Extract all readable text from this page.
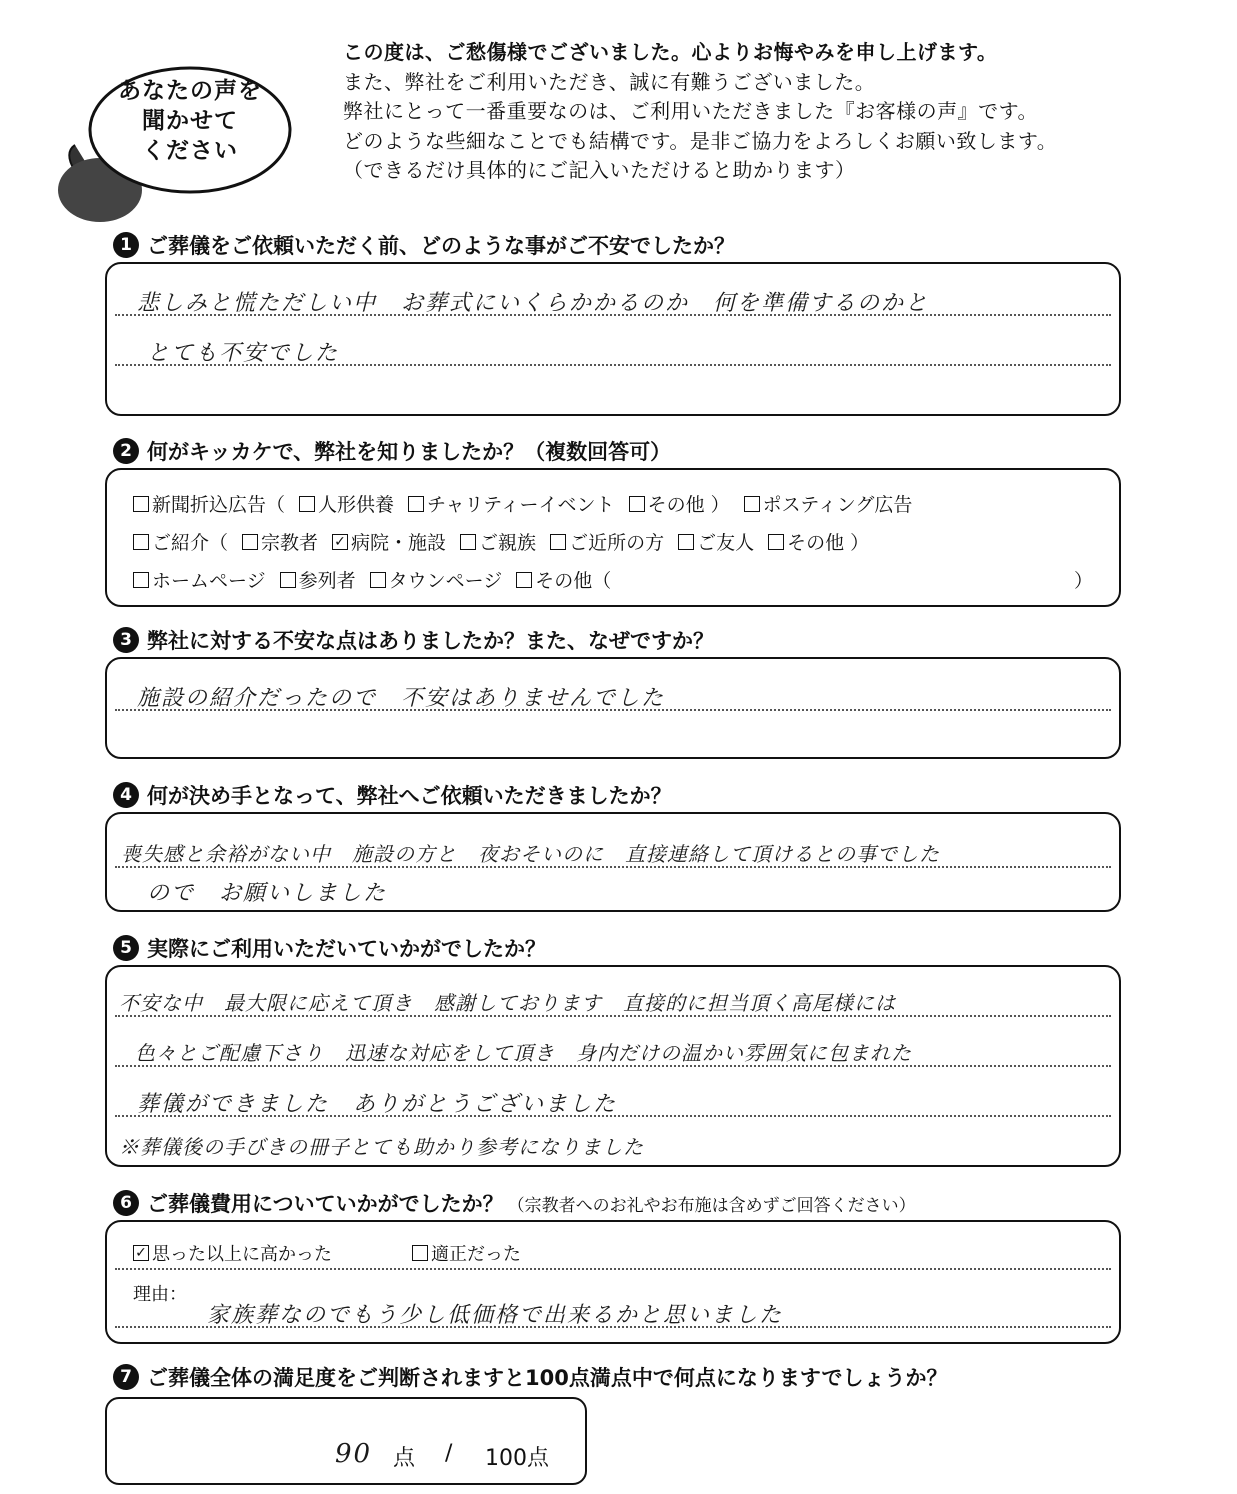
あなたの声を
聞かせて
ください
この度は、ご愁傷様でございました。心よりお悔やみを申し上げます。
また、弊社をご利用いただき、誠に有難うございました。
弊社にとって一番重要なのは、ご利用いただきました『お客様の声』です。
どのような些細なことでも結構です。是非ご協力をよろしくお願い致します。
（できるだけ具体的にご記入いただけると助かります）
1 ご葬儀をご依頼いただく前、どのような事がご不安でしたか？
悲しみと慌ただしい中　お葬式にいくらかかるのか　何を準備するのかと
とても不安でした
2 何がキッカケで、弊社を知りましたか？（複数回答可）
新聞折込広告（ 人形供養 チャリティーイベント その他 ） ポスティング広告
ご紹介（ 宗教者 ✓ 病院・施設 ご親族 ご近所の方 ご友人 その他 ）
ホームページ 参列者 タウンページ その他（	）
3 弊社に対する不安な点はありましたか？また、なぜですか？
施設の紹介だったので　不安はありませんでした
4 何が決め手となって、弊社へご依頼いただきましたか？
喪失感と余裕がない中　施設の方と　夜おそいのに　直接連絡して頂けるとの事でした
ので　お願いしました
5 実際にご利用いただいていかがでしたか？
不安な中　最大限に応えて頂き　感謝しております　直接的に担当頂く高尾様には
色々とご配慮下さり　迅速な対応をして頂き　身内だけの温かい雰囲気に包まれた
葬儀ができました　ありがとうございました
※葬儀後の手びきの冊子とても助かり参考になりました
6 ご葬儀費用についていかがでしたか？ （宗教者へのお礼やお布施は含めずご回答ください）
✓ 思った以上に高かった	適正だった
理由：
家族葬なのでもう少し低価格で出来るかと思いました
7 ご葬儀全体の満足度をご判断されますと100点満点中で何点になりますでしょうか？
90 点 / 100点
